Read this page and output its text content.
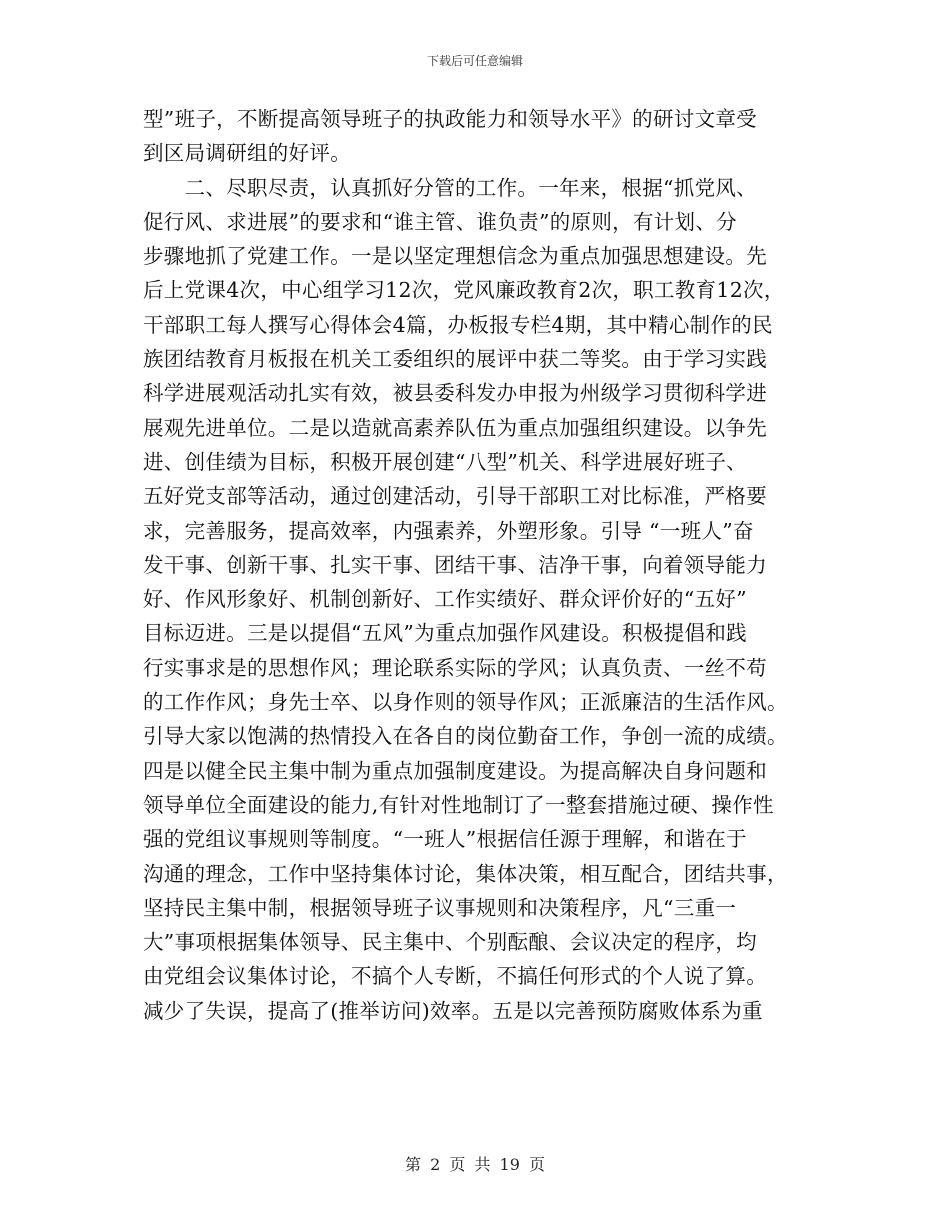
下载后可任意编辑
型”班子，不断提高领导班子的执政能力和领导水平》的研讨文章受
到区局调研组的好评。
　　二、尽职尽责，认真抓好分管的工作。一年来，根据“抓党风、
促行风、求进展”的要求和“谁主管、谁负责”的原则，有计划、分
步骤地抓了党建工作。一是以坚定理想信念为重点加强思想建设。先
后上党课4次，中心组学习12次，党风廉政教育2次，职工教育12次，
干部职工每人撰写心得体会4篇，办板报专栏4期，其中精心制作的民
族团结教育月板报在机关工委组织的展评中获二等奖。由于学习实践
科学进展观活动扎实有效，被县委科发办申报为州级学习贯彻科学进
展观先进单位。二是以造就高素养队伍为重点加强组织建设。以争先
进、创佳绩为目标，积极开展创建“八型”机关、科学进展好班子、
五好党支部等活动，通过创建活动，引导干部职工对比标准，严格要
求，完善服务，提高效率，内强素养，外塑形象。引导 “一班人”奋
发干事、创新干事、扎实干事、团结干事、洁净干事，向着领导能力
好、作风形象好、机制创新好、工作实绩好、群众评价好的“五好”
目标迈进。三是以提倡“五风”为重点加强作风建设。积极提倡和践
行实事求是的思想作风；理论联系实际的学风；认真负责、一丝不苟
的工作作风；身先士卒、以身作则的领导作风；正派廉洁的生活作风。
引导大家以饱满的热情投入在各自的岗位勤奋工作，争创一流的成绩。
四是以健全民主集中制为重点加强制度建设。为提高解决自身问题和
领导单位全面建设的能力,有针对性地制订了一整套措施过硬、操作性
强的党组议事规则等制度。“一班人”根据信任源于理解，和谐在于
沟通的理念，工作中坚持集体讨论，集体决策，相互配合，团结共事，
坚持民主集中制，根据领导班子议事规则和决策程序，凡“三重一
大”事项根据集体领导、民主集中、个别酝酿、会议决定的程序，均
由党组会议集体讨论，不搞个人专断，不搞任何形式的个人说了算。
减少了失误，提高了(推举访问)效率。五是以完善预防腐败体系为重
第 2 页 共 19 页
